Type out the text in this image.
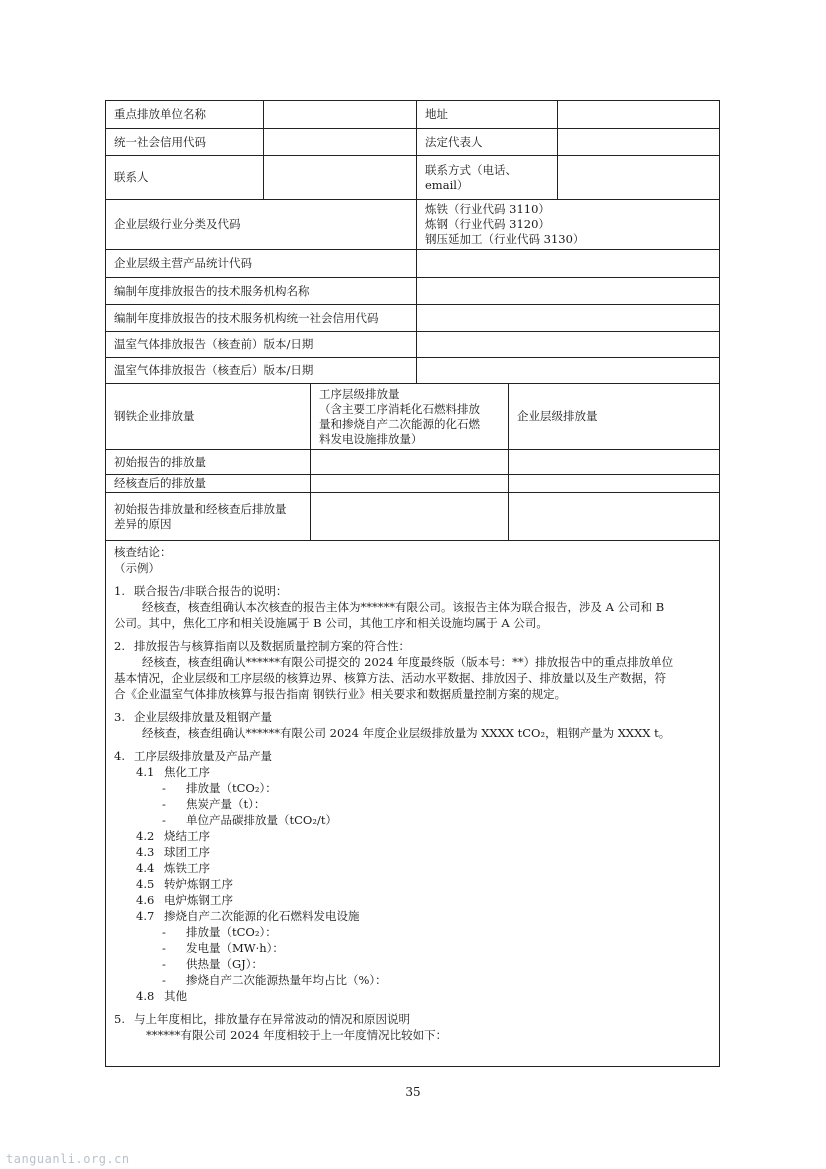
重点排放单位名称	地址
统一社会信用代码	法定代表人
联系人
联系方式（电话、
email）
企业层级行业分类及代码
炼铁（行业代码 3110）
炼钢（行业代码 3120）
钢压延加工（行业代码 3130）
企业层级主营产品统计代码
编制年度排放报告的技术服务机构名称
编制年度排放报告的技术服务机构统一社会信用代码
温室气体排放报告（核查前）版本/日期
温室气体排放报告（核查后）版本/日期
钢铁企业排放量
工序层级排放量
（含主要工序消耗化石燃料排放
量和掺烧自产二次能源的化石燃
料发电设施排放量）
企业层级排放量
初始报告的排放量
经核查后的排放量
初始报告排放量和经核查后排放量
差异的原因

核查结论：

（示例）

1. 联合报告/非联合报告的说明：

经核查，核查组确认本次核查的报告主体为******有限公司。该报告主体为联合报告，涉及 A 公司和 B

公司。其中，焦化工序和相关设施属于 B 公司，其他工序和相关设施均属于 A 公司。

2. 排放报告与核算指南以及数据质量控制方案的符合性：

经核查，核查组确认******有限公司提交的 2024 年度最终版（版本号：**）排放报告中的重点排放单位

基本情况，企业层级和工序层级的核算边界、核算方法、活动水平数据、排放因子、排放量以及生产数据，符

合《企业温室气体排放核算与报告指南 钢铁行业》相关要求和数据质量控制方案的规定。

3. 企业层级排放量及粗钢产量

经核查，核查组确认******有限公司 2024 年度企业层级排放量为 XXXX tCO₂，粗钢产量为 XXXX t。

4. 工序层级排放量及产品产量

4.1 焦化工序

- 排放量（tCO₂）：

- 焦炭产量（t）：

- 单位产品碳排放量（tCO₂/t）

4.2 烧结工序

4.3 球团工序

4.4 炼铁工序

4.5 转炉炼钢工序

4.6 电炉炼钢工序

4.7 掺烧自产二次能源的化石燃料发电设施

- 排放量（tCO₂）：

- 发电量（MW·h）：

- 供热量（GJ）：

- 掺烧自产二次能源热量年均占比（%）：

4.8 其他

5. 与上年度相比，排放量存在异常波动的情况和原因说明

******有限公司 2024 年度相较于上一年度情况比较如下：

35
tanguanli.org.cn
